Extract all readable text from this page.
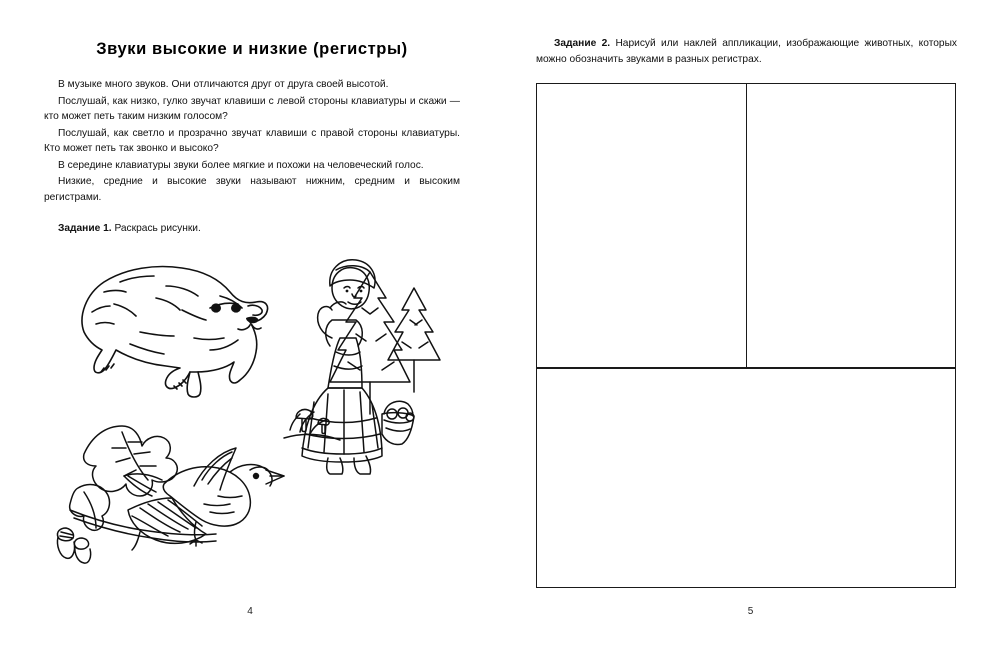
Звуки высокие и низкие (регистры)

В музыке много звуков. Они отличаются друг от друга своей высотой.

Послушай, как низко, гулко звучат клавиши с левой стороны клавиатуры и скажи — кто может петь таким низким голосом?

Послушай, как светло и прозрачно звучат клавиши с правой стороны клавиатуры. Кто может петь так звонко и высоко?

В середине клавиатуры звуки более мягкие и похожи на человеческий голос.

Низкие, средние и высокие звуки называют нижним, средним и высоким регистрами.

Задание 1. Раскрась рисунки.
4
Задание 2. Нарисуй или наклей аппликации, изображающие животных, которых можно обозначить звуками в разных регистрах.
5
